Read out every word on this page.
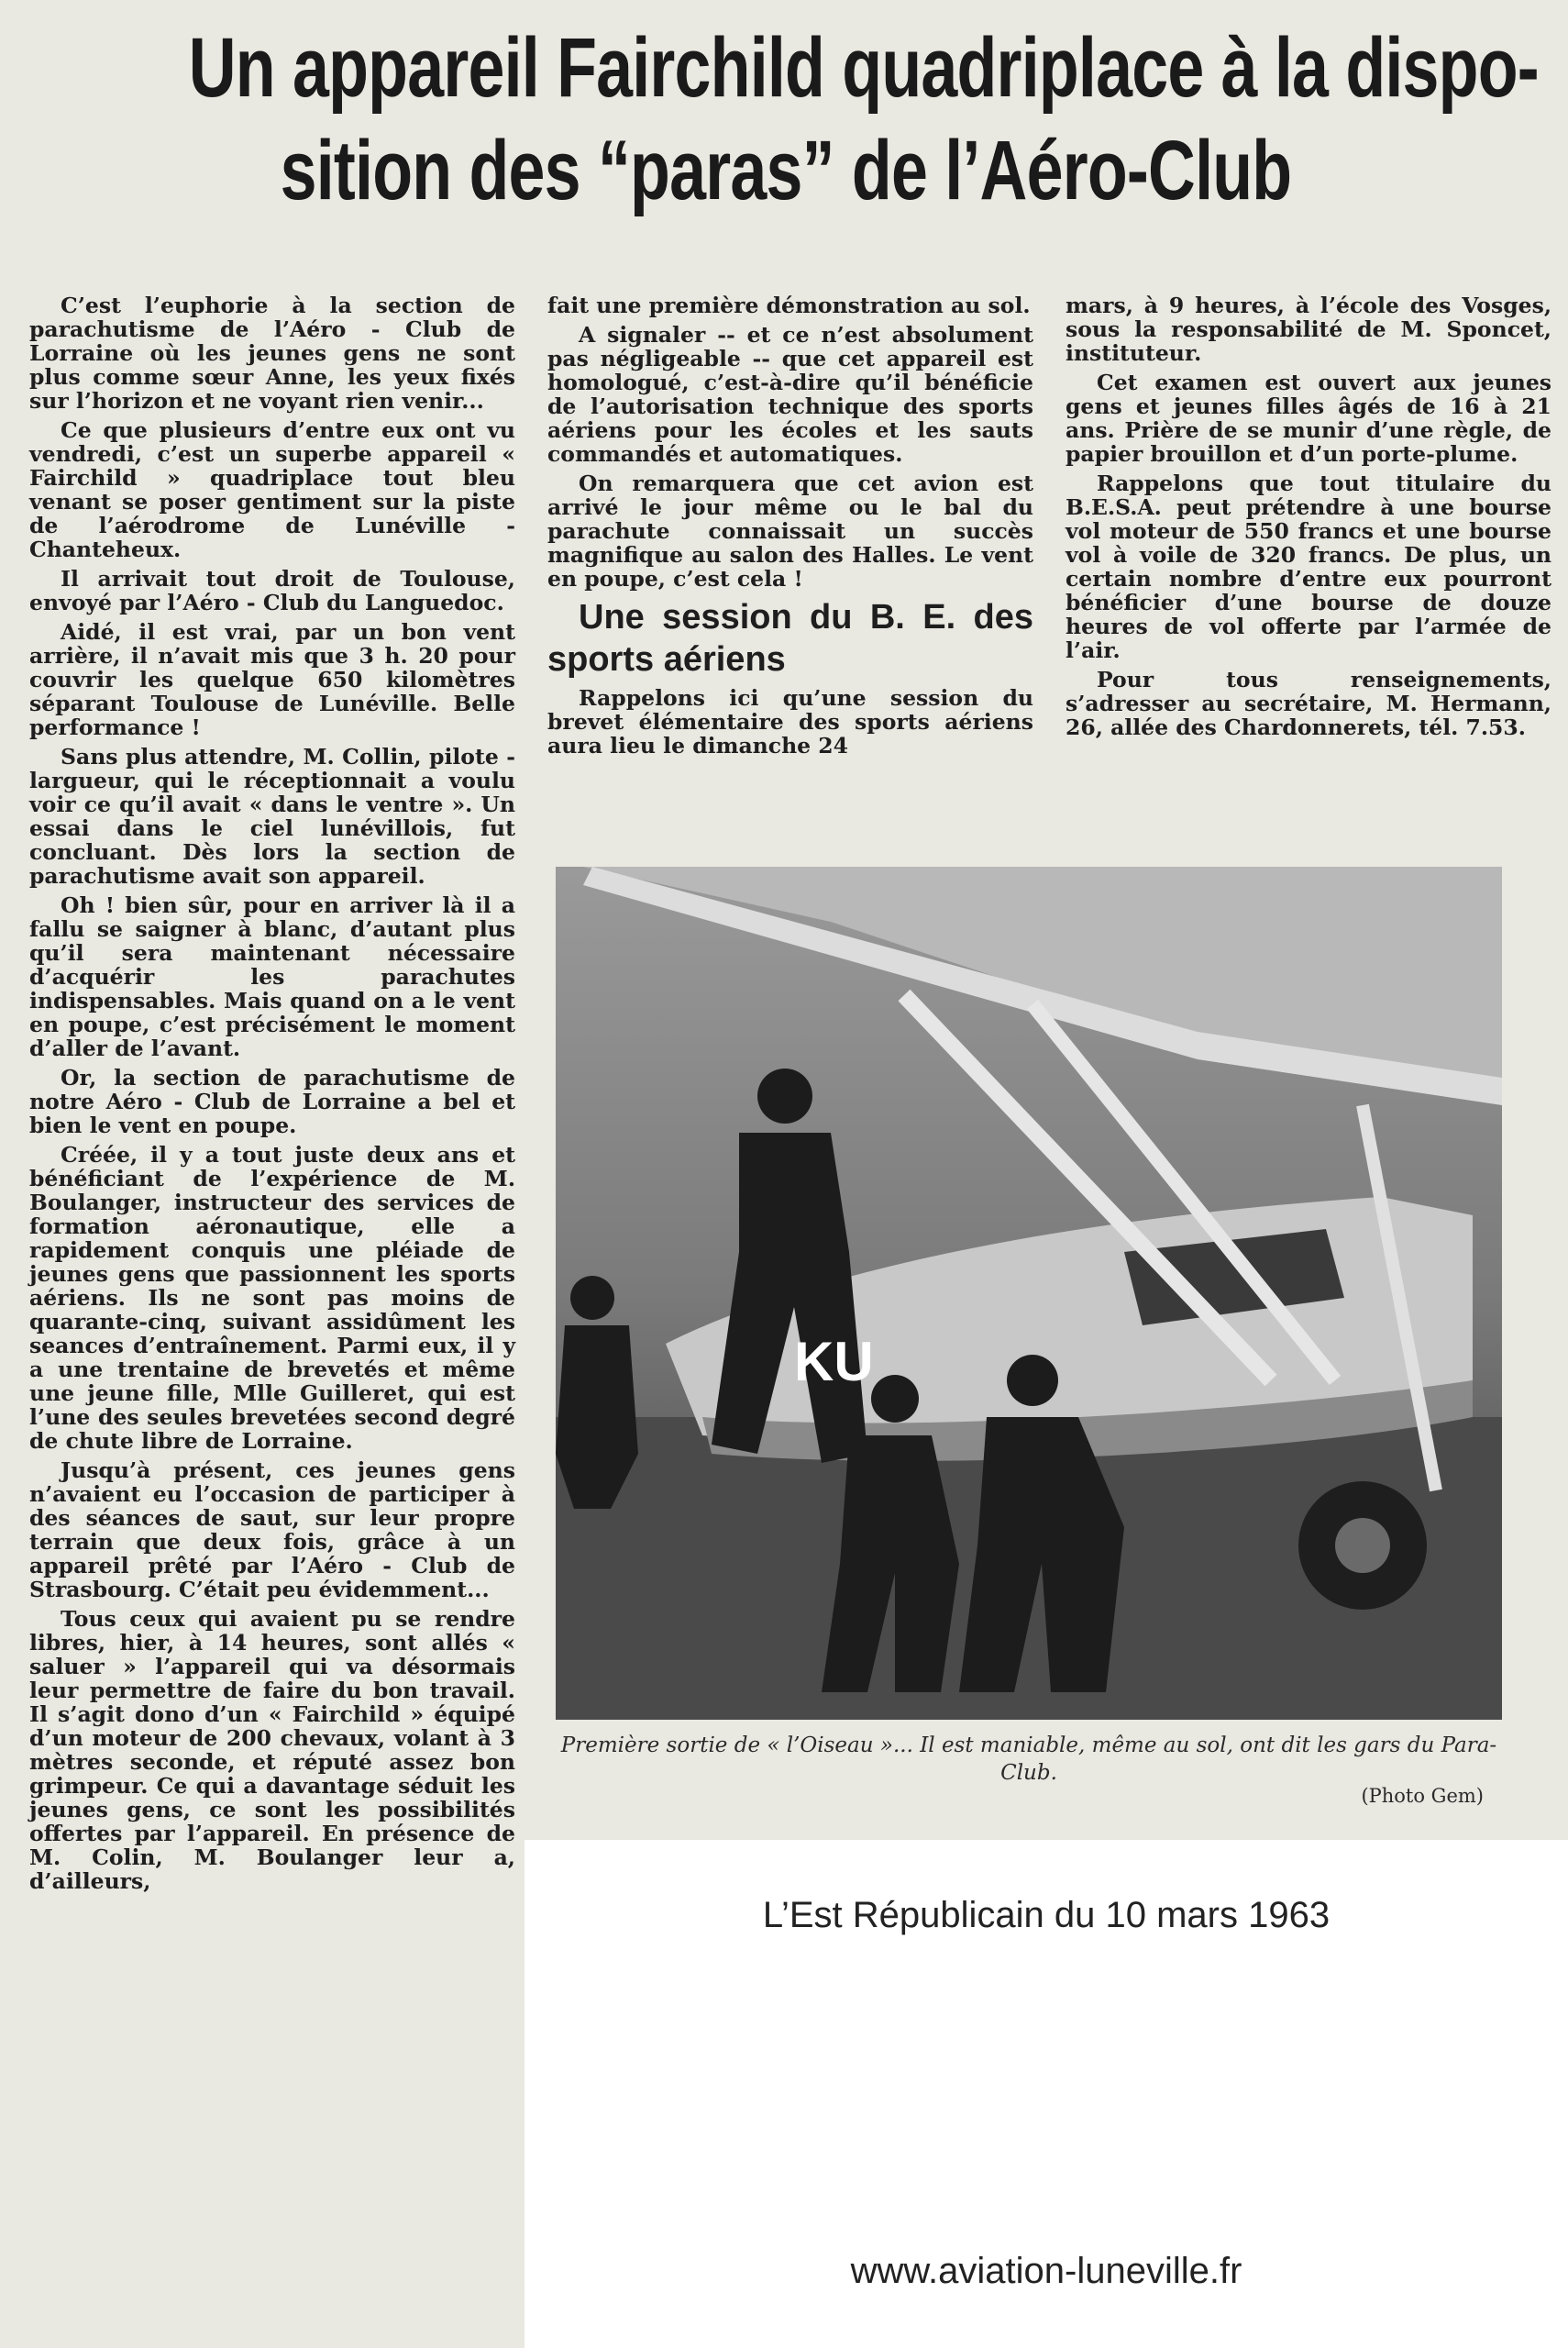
Un appareil Fairchild quadriplace à la dispo-
sition des “paras” de l’Aéro-Club

C’est l’euphorie à la section de parachutisme de l’Aéro - Club de Lorraine où les jeunes gens ne sont plus comme sœur Anne, les yeux fixés sur l’horizon et ne voyant rien venir...

Ce que plusieurs d’entre eux ont vu vendredi, c’est un superbe appareil « Fairchild » quadriplace tout bleu venant se poser gentiment sur la piste de l’aérodrome de Lunéville - Chanteheux.

Il arrivait tout droit de Toulouse, envoyé par l’Aéro - Club du Languedoc.

Aidé, il est vrai, par un bon vent arrière, il n’avait mis que 3 h. 20 pour couvrir les quelque 650 kilomètres séparant Toulouse de Lunéville. Belle performance !

Sans plus attendre, M. Collin, pilote - largueur, qui le réceptionnait a voulu voir ce qu’il avait « dans le ventre ». Un essai dans le ciel lunévillois, fut concluant. Dès lors la section de parachutisme avait son appareil.

Oh ! bien sûr, pour en arriver là il a fallu se saigner à blanc, d’autant plus qu’il sera maintenant nécessaire d’acquérir les parachutes indispensables. Mais quand on a le vent en poupe, c’est précisément le moment d’aller de l’avant.

Or, la section de parachutisme de notre Aéro - Club de Lorraine a bel et bien le vent en poupe.

Créée, il y a tout juste deux ans et bénéficiant de l’expérience de M. Boulanger, instructeur des services de formation aéronautique, elle a rapidement conquis une pléiade de jeunes gens que passionnent les sports aériens. Ils ne sont pas moins de quarante-cinq, suivant assidûment les seances d’entraînement. Parmi eux, il y a une trentaine de brevetés et même une jeune fille, Mlle Guilleret, qui est l’une des seules brevetées second degré de chute libre de Lorraine.

Jusqu’à présent, ces jeunes gens n’avaient eu l’occasion de participer à des séances de saut, sur leur propre terrain que deux fois, grâce à un appareil prêté par l’Aéro - Club de Strasbourg. C’était peu évidemment...

Tous ceux qui avaient pu se rendre libres, hier, à 14 heures, sont allés « saluer » l’appareil qui va désormais leur permettre de faire du bon travail. Il s’agit dono d’un « Fairchild » équipé d’un moteur de 200 chevaux, volant à 3 mètres seconde, et réputé assez bon grimpeur. Ce qui a davantage séduit les jeunes gens, ce sont les possibilités offertes par l’appareil. En présence de M. Colin, M. Boulanger leur a, d’ailleurs,

fait une première démonstration au sol.

A signaler -- et ce n’est absolument pas négligeable -- que cet appareil est homologué, c’est-à-dire qu’il bénéficie de l’autorisation technique des sports aériens pour les écoles et les sauts commandés et automatiques.

On remarquera que cet avion est arrivé le jour même ou le bal du parachute connaissait un succès magnifique au salon des Halles. Le vent en poupe, c’est cela !

Une session du B. E. des sports aériens

Rappelons ici qu’une session du brevet élémentaire des sports aériens aura lieu le dimanche 24

mars, à 9 heures, à l’école des Vosges, sous la responsabilité de M. Sponcet, instituteur.

Cet examen est ouvert aux jeunes gens et jeunes filles âgés de 16 à 21 ans. Prière de se munir d’une règle, de papier brouillon et d’un porte-plume.

Rappelons que tout titulaire du B.E.S.A. peut prétendre à une bourse vol moteur de 550 francs et une bourse vol à voile de 320 francs. De plus, un certain nombre d’entre eux pourront bénéficier d’une bourse de douze heures de vol offerte par l’armée de l’air.

Pour tous renseignements, s’adresser au secrétaire, M. Hermann, 26, allée des Chardonnerets, tél. 7.53.

KU
Première sortie de « l’Oiseau »... Il est maniable, même au sol, ont dit les gars du Para-Club.
(Photo Gem)
L’Est Républicain du 10 mars 1963
www.aviation-luneville.fr
